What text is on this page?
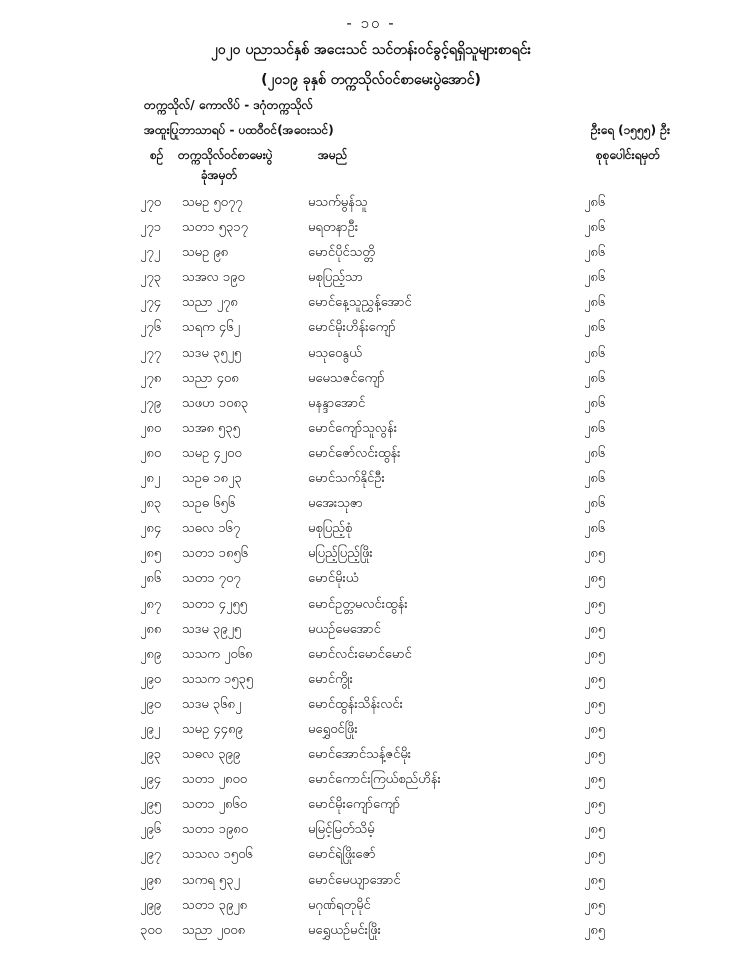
- ၁၀ -
၂၀၂၀ ပညာသင်နှစ် အငေးသင် သင်တန်းဝင်ခွင့်ရရှိသူများစာရင်း
(၂၀၁၉ ခုနှစ် တက္ကသိုလ်ဝင်စာမေးပွဲအောင်)
တက္ကသိုလ်/ ကောလိပ် - ဒဂုံတက္ကသိုလ်
အထူးပြုဘာသာရပ် - ပထဝီဝင်(အဝေးသင်)	ဦးရေ (၁၅၅၅) ဦး
စဉ် တက္ကသိုလ်ဝင်စာမေးပွဲ
ခုံအမှတ်
အမည်	စုစုပေါင်းရမှတ်
၂၇၀	သမဥ ၅၀၇၇	မသက်မွန်သူ	၂၈၆
၂၇၁	သတ၁ ၅၃၁၇	မရတနာဦး	၂၈၆
၂၇၂	သမဥ ၉၈	မောင်ပိုင်သတ္တိ	၂၈၆
၂၇၃	သအလ ၁၉၀	မစုပြည့်သာ	၂၈၆
၂၇၄	သညာ ၂၇၈	မောင်နေ့သူညွှန့်အောင်	၂၈၆
၂၇၆	သရက ၄၆၂	မောင်မိုးဟိန်းကျော်	၂၈၆
၂၇၇	သဒမ ၃၅၂၅	မသုဝေနွယ်	၂၈၆
၂၇၈	သညာ ၄၀၈	မမေသဇင်ကျော်	၂၈၆
၂၇၉	သဖဟ ၁၀၈၃	မနန္ဒာအောင်	၂၈၆
၂၈၀	သအ၈ ၅၃၅	မောင်ကျော်သူလွန်း	၂၈၆
၂၈၀	သမဥ ၄၂၀၀	မောင်ဇော်လင်းထွန်း	၂၈၆
၂၈၂	သဥဓ ၁၈၂၃	မောင်သက်နိုင်ဦး	၂၈၆
၂၈၃	သဥဓ ၆၅၆	မအေးသုဇာ	၂၈၆
၂၈၄	သဓလ ၁၆၇	မစုပြည့်စုံ	၂၈၆
၂၈၅	သတ၁ ၁၈၅၆	မပြည့်ပြည့်ဖြိုး	၂၈၅
၂၈၆	သတ၁ ၇၀၇	မောင်မိုးယံ	၂၈၅
၂၈၇	သတ၁ ၄၂၅၅	မောင်ဥတ္တမလင်းထွန်း	၂၈၅
၂၈၈	သဒမ ၃၉၂၅	မယဉ်မေအောင်	၂၈၅
၂၈၉	သသက ၂၀၆၈	မောင်လင်းမောင်မောင်	၂၈၅
၂၉၀	သသက ၁၅၃၅	မောင်ကွိုး	၂၈၅
၂၉၀	သဒမ ၃၆၈၂	မောင်ထွန်းသိန်းလင်း	၂၈၅
၂၉၂	သမဥ ၄၄၈၉	မရွှေဝင်ဖြိုး	၂၈၅
၂၉၃	သဓလ ၃၉၉	မောင်အောင်သန့်ဇင်မိုး	၂၈၅
၂၉၄	သတ၁ ၂၈၀၀	မောင်ကောင်းကြယ်စည်ဟိန်း	၂၈၅
၂၉၅	သတ၁ ၂၈၆၀	မောင်မိုးကျော်ကျော်	၂၈၅
၂၉၆	သတ၁ ၁၉၈၀	မမြင့်မြတ်သိမ့်	၂၈၅
၂၉၇	သသလ ၁၅၀၆	မောင်ရဲဖြိုးဇော်	၂၈၅
၂၉၈	သကရ ၅၃၂	မောင်မေယျာအောင်	၂၈၅
၂၉၉	သတ၁ ၃၉၂၈	မဂုဏ်ရတုမိုင်	၂၈၅
၃၀၀	သညာ ၂၀၀၈	မရွှေယဉ်မင်းဖြိုး	၂၈၅
